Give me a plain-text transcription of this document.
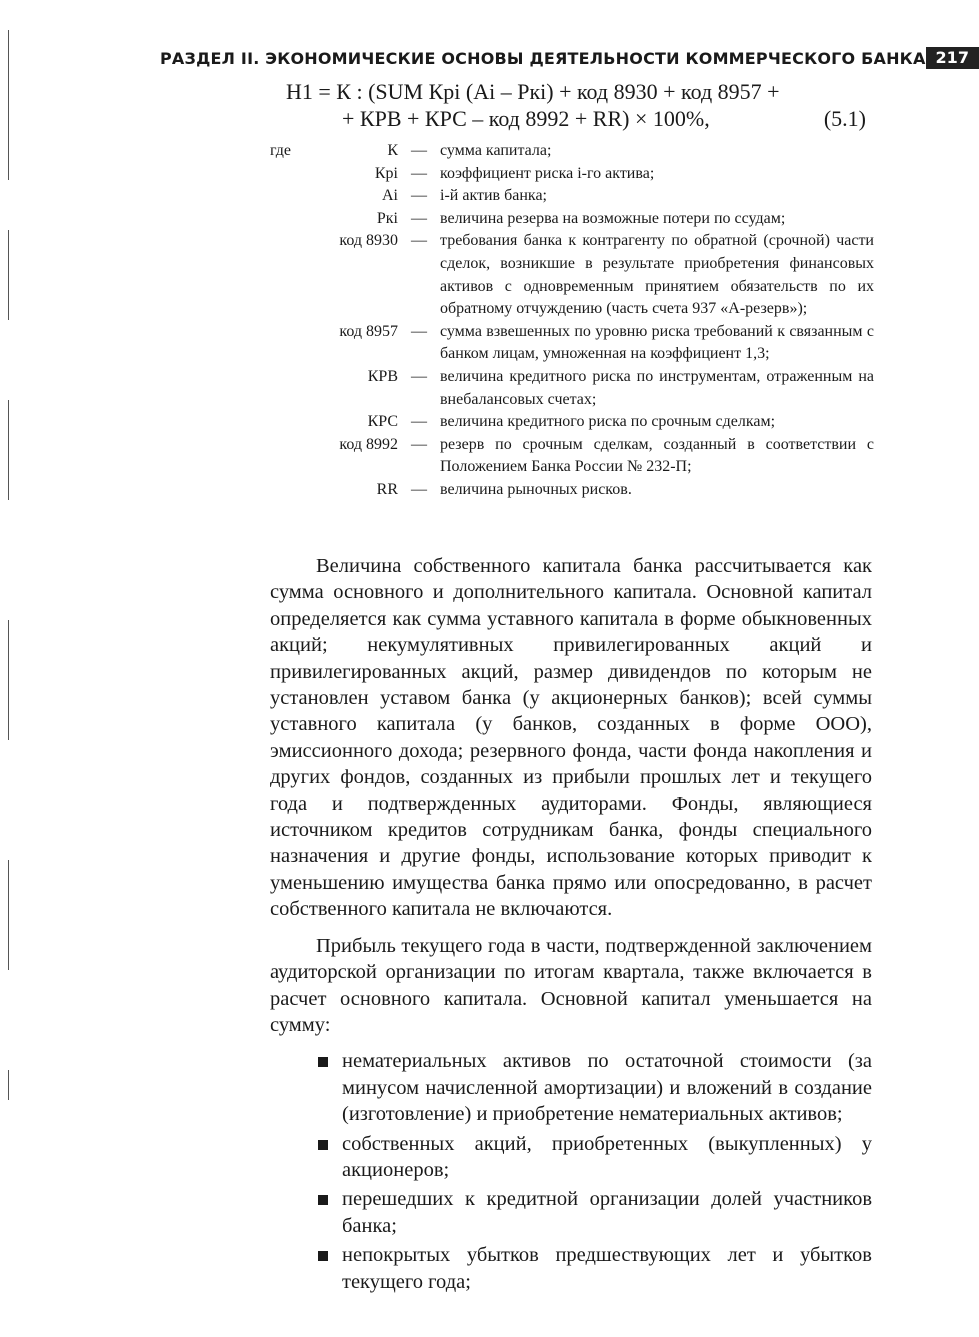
РАЗДЕЛ II. ЭКОНОМИЧЕСКИЕ ОСНОВЫ ДЕЯТЕЛЬНОСТИ КОММЕРЧЕСКОГО БАНКА 217
Н1 = К : (SUM Крi (Аi – Ркi) + код 8930 + код 8957 +
+ КРВ + КРС – код 8992 + RR) × 100%,	(5.1)
где	К — сумма капитала;
Крi — коэффициент риска i-го актива;
Аi — i-й актив банка;
Ркi — величина резерва на возможные потери по ссудам;
код 8930 — требования банка к контрагенту по обратной (срочной) части сделок, возникшие в результате приобретения финансовых активов с одновременным принятием обязательств по их обратному отчуждению (часть счета 937 «А-резерв»);
код 8957 — сумма взвешенных по уровню риска требований к связанным с банком лицам, умноженная на коэффициент 1,3;
КРВ — величина кредитного риска по инструментам, отраженным на внебалансовых счетах;
КРС — величина кредитного риска по срочным сделкам;
код 8992 — резерв по срочным сделкам, созданный в соответствии с Положением Банка России № 232-П;
RR — величина рыночных рисков.

Величина собственного капитала банка рассчитывается как сумма основного и дополнительного капитала. Основной капитал определяется как сумма уставного капитала в форме обыкновенных акций; некумулятивных привилегированных акций и привилегированных акций, размер дивидендов по которым не установлен уставом банка (у акционерных банков); всей суммы уставного капитала (у банков, созданных в форме ООО), эмиссионного дохода; резервного фонда, части фонда накопления и других фондов, созданных из прибыли прошлых лет и текущего года и подтвержденных аудиторами. Фонды, являющиеся источником кредитов сотрудникам банка, фонды специального назначения и другие фонды, использование которых приводит к уменьшению имущества банка прямо или опосредованно, в расчет собственного капитала не включаются.

Прибыль текущего года в части, подтвержденной заключением аудиторской организации по итогам квартала, также включается в расчет основного капитала. Основной капитал уменьшается на сумму:

нематериальных активов по остаточной стоимости (за минусом начисленной амортизации) и вложений в создание (изготовление) и приобретение нематериальных активов;
собственных акций, приобретенных (выкупленных) у акционеров;
перешедших к кредитной организации долей участников банка;
непокрытых убытков предшествующих лет и убытков текущего года;
